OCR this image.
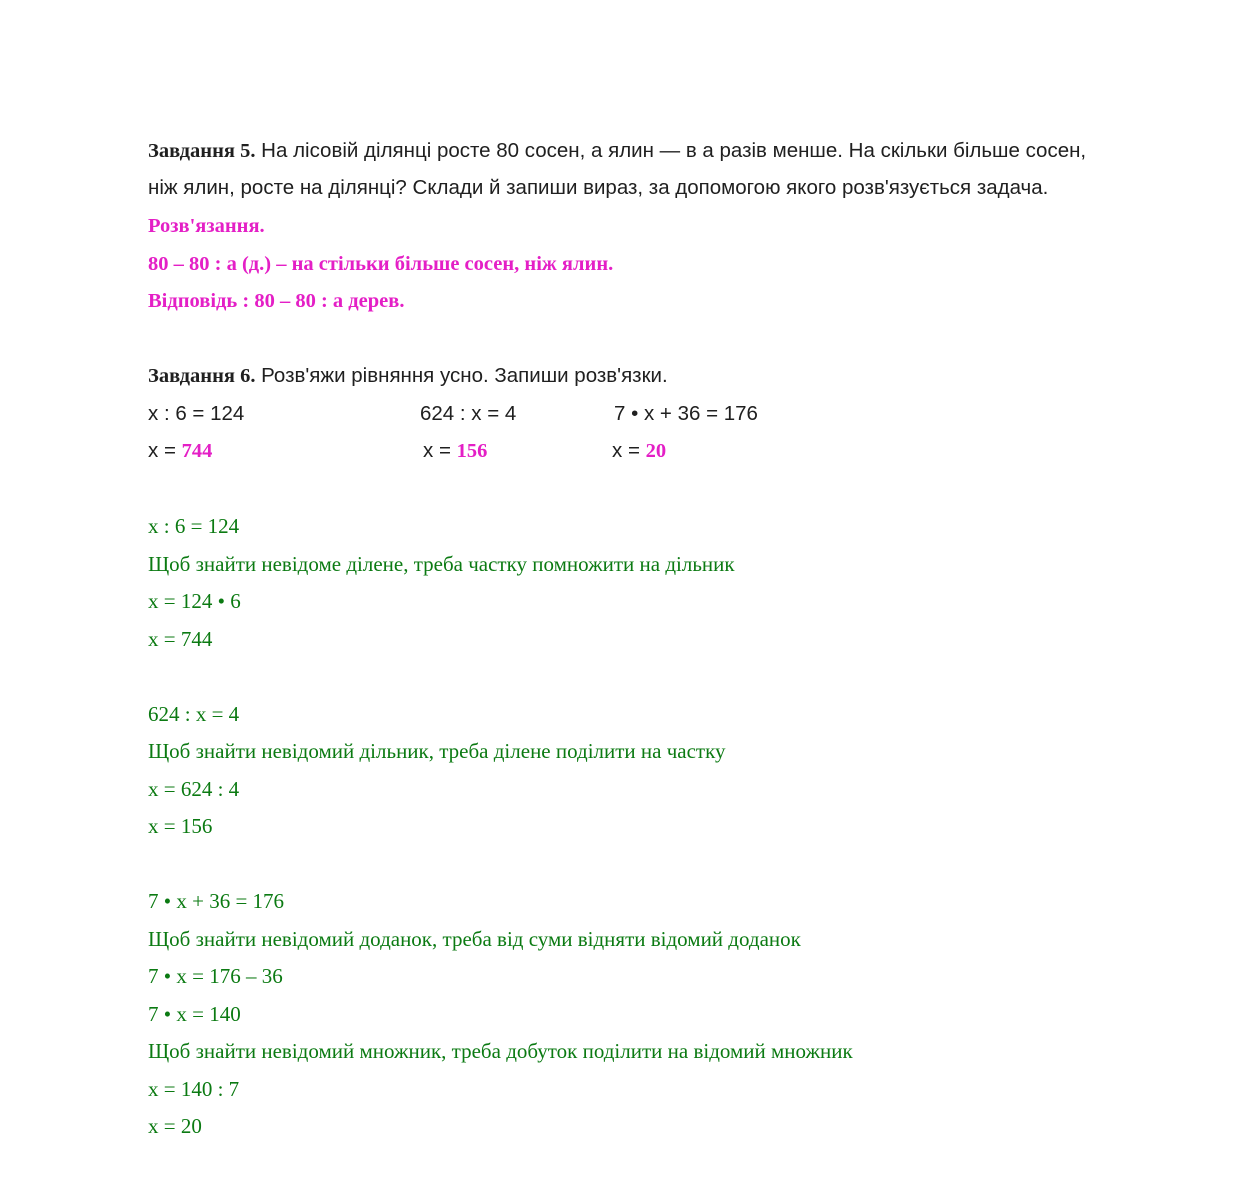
Завдання 5. На лісовій ділянці росте 80 сосен, а ялин — в а разів менше. На скільки більше сосен,
ніж ялин, росте на ділянці? Склади й запиши вираз, за допомогою якого розв'язується задача.
Розв'язання.
80 – 80 : а (д.) – на стільки більше сосен, ніж ялин.
Відповідь : 80 – 80 : а дерев.
Завдання 6. Розв'яжи рівняння усно. Запиши розв'язки.
х : 6 = 124	624 : х = 4	7 • х + 36 = 176
х = 744	х = 156	х = 20
х : 6 = 124
Щоб знайти невідоме ділене, треба частку помножити на дільник
х = 124 • 6
х = 744
624 : х = 4
Щоб знайти невідомий дільник, треба ділене поділити на частку
х = 624 : 4
х = 156
7 • х + 36 = 176
Щоб знайти невідомий доданок, треба від суми відняти відомий доданок
7 • х = 176 – 36
7 • х = 140
Щоб знайти невідомий множник, треба добуток поділити на відомий множник
х = 140 : 7
х = 20
